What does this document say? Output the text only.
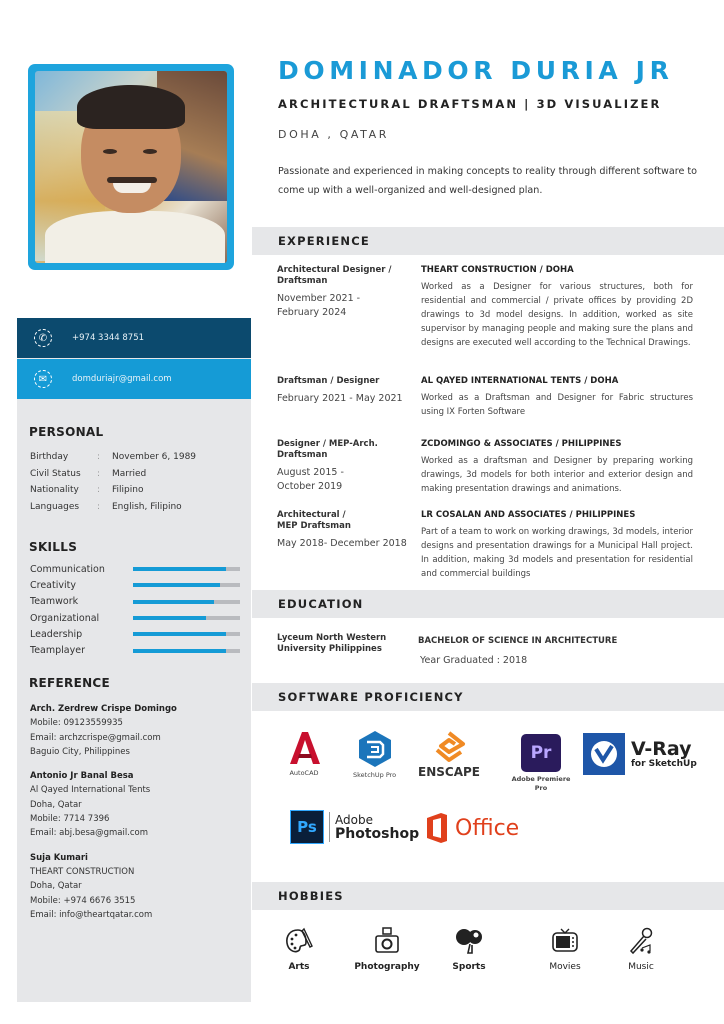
✆	+974 3344 8751
✉	domduriajr@gmail.com
PERSONAL
Birthday	:	November 6, 1989
Civil Status	:	Married
Nationality	:	Filipino
Languages	:	English, Filipino
SKILLS
Communication
Creativity
Teamwork
Organizational
Leadership
Teamplayer
REFERENCE
Arch. Zerdrew Crispe Domingo
Mobile: 09123559935
Email: archzcrispe@gmail.com
Baguio City, Philippines
Antonio Jr Banal Besa
Al Qayed International Tents
Doha, Qatar
Mobile: 7714 7396
Email: abj.besa@gmail.com
Suja Kumari
THEART CONSTRUCTION
Doha, Qatar
Mobile: +974 6676 3515
Email: info@theartqatar.com
DOMINADOR DURIA JR
ARCHITECTURAL DRAFTSMAN | 3D VISUALIZER
DOHA , QATAR
Passionate and experienced in making concepts to reality through different software to come up with a well-organized and well-designed plan.
EXPERIENCE
Architectural Designer / Draftsman
November 2021 - February 2024
THEART CONSTRUCTION / DOHA
Worked as a Designer for various structures, both for residential and commercial / private offices by providing 2D drawings to 3d model designs. In addition, worked as site supervisor by managing people and making sure the plans and designs are executed well according to the Technical Drawings.
Draftsman / Designer
February 2021 - May 2021
AL QAYED INTERNATIONAL TENTS / DOHA
Worked as a Draftsman and Designer for Fabric structures using IX Forten Software
Designer / MEP-Arch. Draftsman
August 2015 - October 2019
ZCDOMINGO & ASSOCIATES / PHILIPPINES
Worked as a draftsman and Designer by preparing working drawings, 3d models for both interior and exterior design and making presentation drawings and animations.
Architectural / MEP Draftsman
May 2018- December 2018
LR COSALAN AND ASSOCIATES / PHILIPPINES
Part of a team to work on working drawings, 3d models, interior designs and presentation drawings for a Municipal Hall project. In addition, making 3d models and presentation for residential and commercial buildings
EDUCATION
Lyceum North Western University Philippines
BACHELOR OF SCIENCE IN ARCHITECTURE
Year Graduated : 2018
SOFTWARE PROFICIENCY
AutoCAD	SketchUp Pro ENSCAPE
Pr
Adobe Premiere Pro
V-Ray
for SketchUp
Ps	Adobe
Photoshop Office
HOBBIES
Arts	Photography	Sports	Movies	Music
